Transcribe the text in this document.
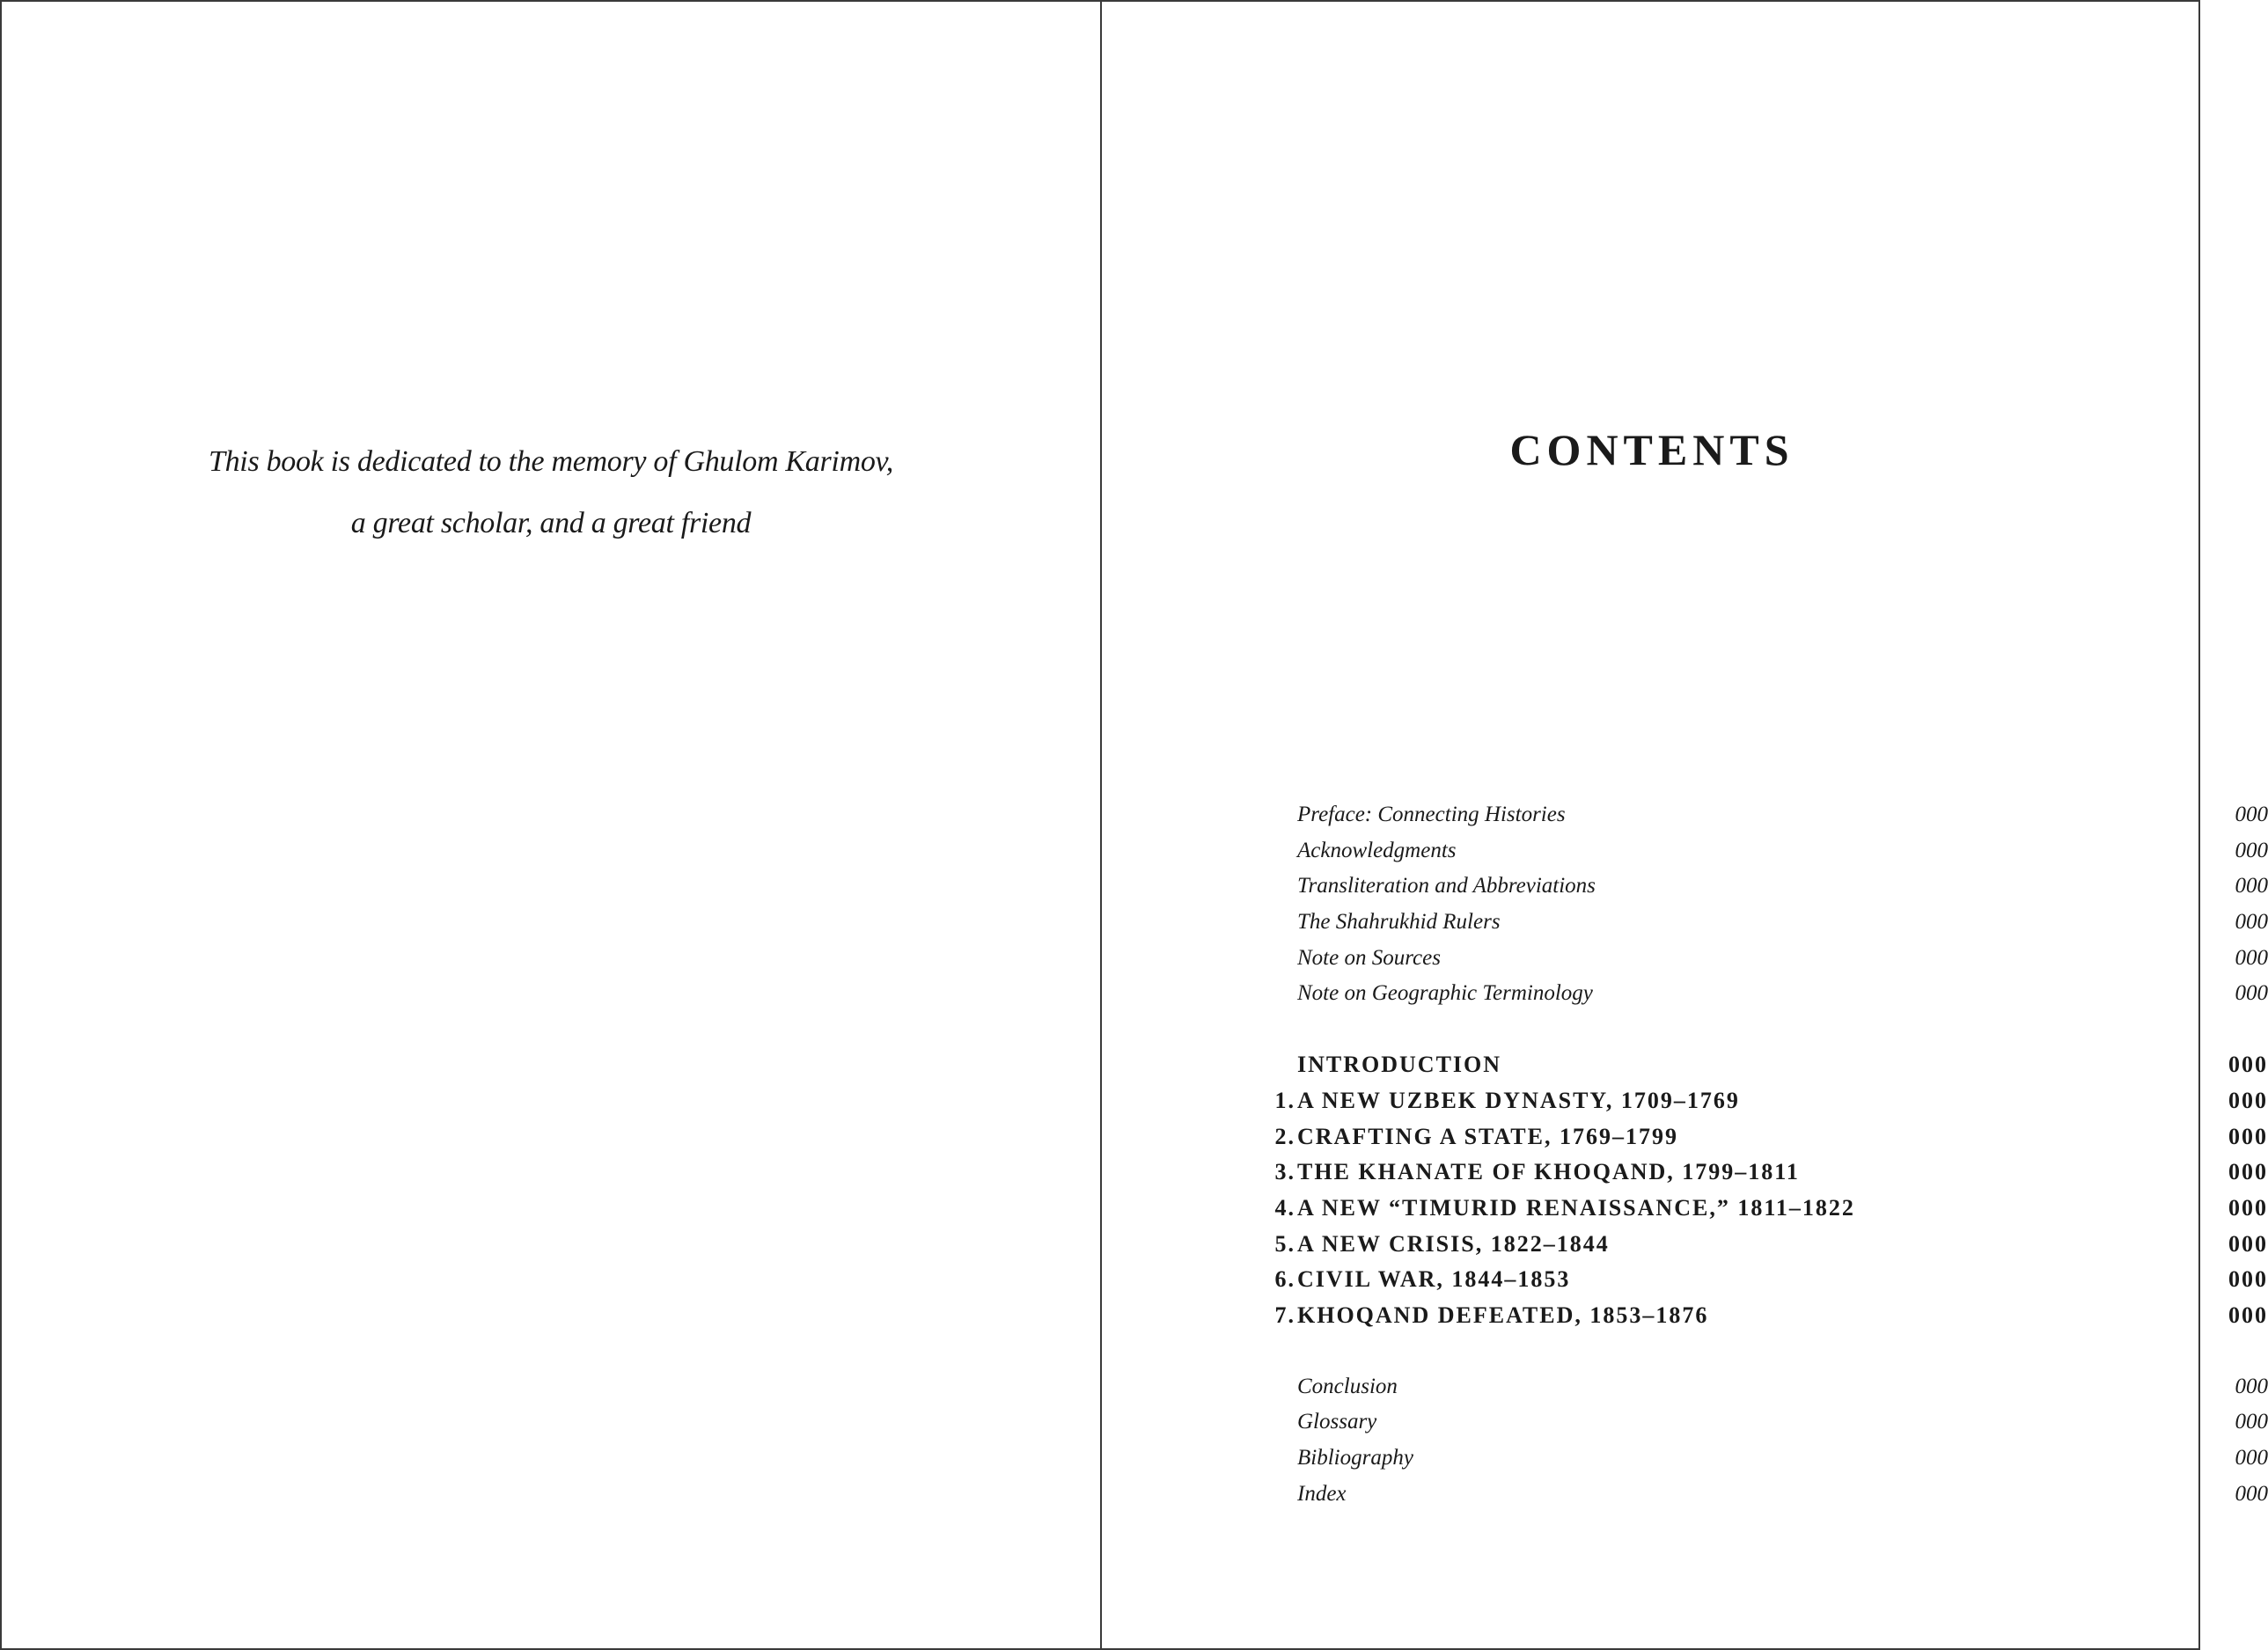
This book is dedicated to the memory of Ghulom Karimov,
a great scholar, and a great friend
CONTENTS
Preface: Connecting Histories	000
Acknowledgments	000
Transliteration and Abbreviations	000
The Shahrukhid Rulers	000
Note on Sources	000
Note on Geographic Terminology	000
INTRODUCTION	000
1. A NEW UZBEK DYNASTY, 1709–1769	000
2. CRAFTING A STATE, 1769–1799	000
3. THE KHANATE OF KHOQAND, 1799–1811	000
4. A NEW “TIMURID RENAISSANCE,” 1811–1822	000
5. A NEW CRISIS, 1822–1844	000
6. CIVIL WAR, 1844–1853	000
7. KHOQAND DEFEATED, 1853–1876	000
Conclusion	000
Glossary	000
Bibliography	000
Index	000
